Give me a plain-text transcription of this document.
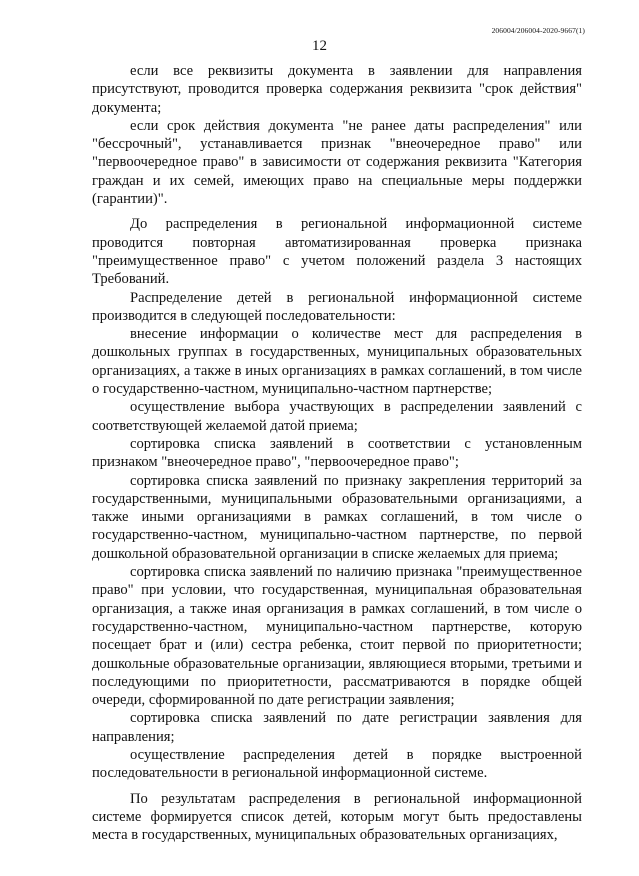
206004/206004-2020-9667(1)
12

если все реквизиты документа в заявлении для направления присутствуют, проводится проверка содержания реквизита "срок действия" документа;

если срок действия документа "не ранее даты распределения" или "бессрочный", устанавливается признак "внеочередное право" или "первоочередное право" в зависимости от содержания реквизита "Категория граждан и их семей, имеющих право на специальные меры поддержки (гарантии)".

До распределения в региональной информационной системе проводится повторная автоматизированная проверка признака "преимущественное право" с учетом положений раздела 3 настоящих Требований.

Распределение детей в региональной информационной системе производится в следующей последовательности:

внесение информации о количестве мест для распределения в дошкольных группах в государственных, муниципальных образовательных организациях, а также в иных организациях в рамках соглашений, в том числе о государственно-частном, муниципально-частном партнерстве;

осуществление выбора участвующих в распределении заявлений с соответствующей желаемой датой приема;

сортировка списка заявлений в соответствии с установленным признаком "внеочередное право", "первоочередное право";

сортировка списка заявлений по признаку закрепления территорий за государственными, муниципальными образовательными организациями, а также иными организациями в рамках соглашений, в том числе о государственно-частном, муниципально-частном партнерстве, по первой дошкольной образовательной организации в списке желаемых для приема;

сортировка списка заявлений по наличию признака "преимущественное право" при условии, что государственная, муниципальная образовательная организация, а также иная организация в рамках соглашений, в том числе о государственно-частном, муниципально-частном партнерстве, которую посещает брат и (или) сестра ребенка, стоит первой по приоритетности; дошкольные образовательные организации, являющиеся вторыми, третьими и последующими по приоритетности, рассматриваются в порядке общей очереди, сформированной по дате регистрации заявления;

сортировка списка заявлений по дате регистрации заявления для направления;

осуществление распределения детей в порядке выстроенной последовательности в региональной информационной системе.

По результатам распределения в региональной информационной системе формируется список детей, которым могут быть предоставлены места в государственных, муниципальных образовательных организациях,
